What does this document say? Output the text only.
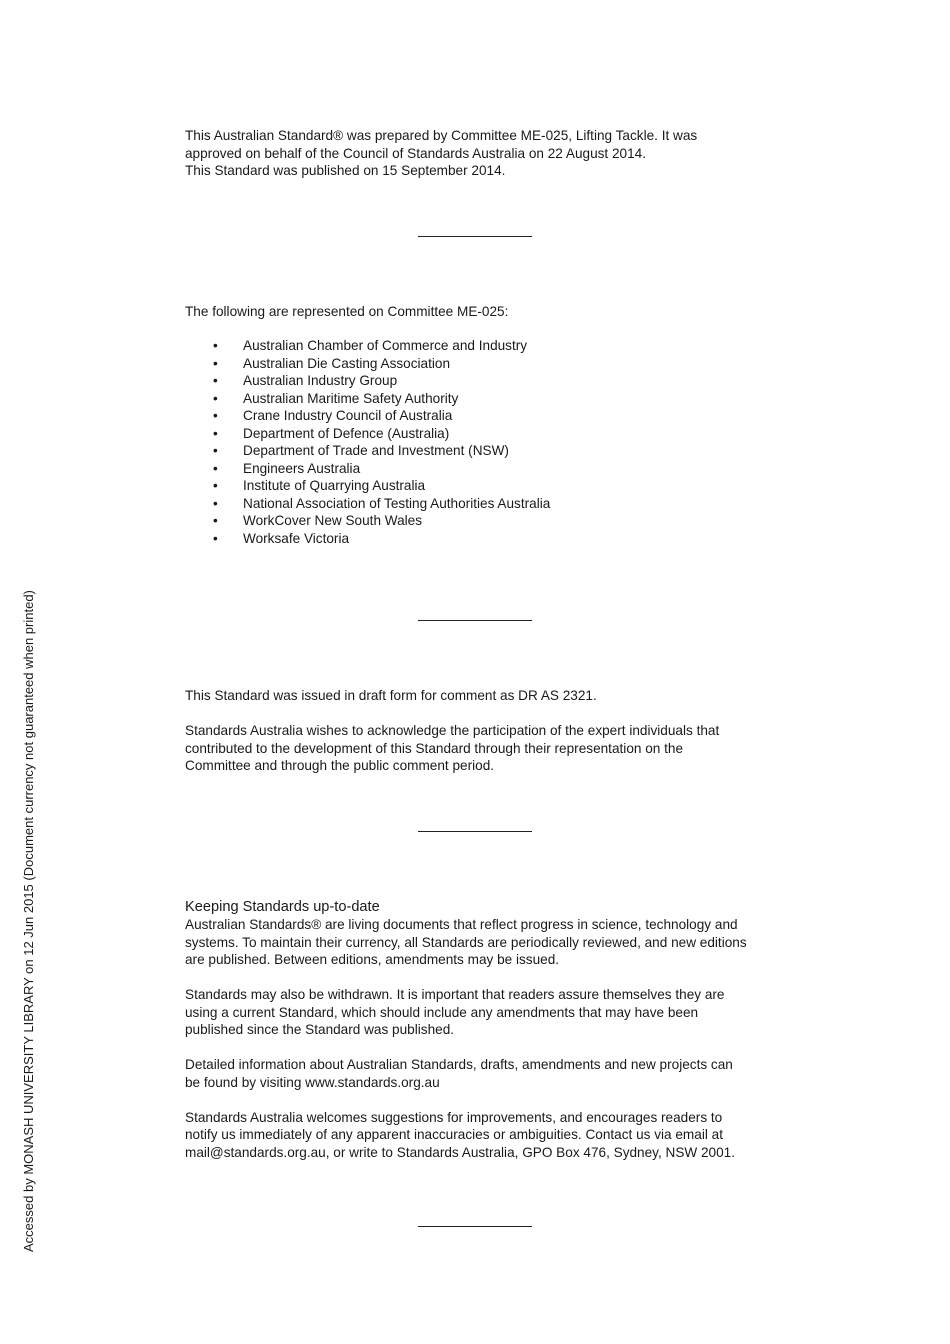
This Australian Standard® was prepared by Committee ME-025, Lifting Tackle. It was
approved on behalf of the Council of Standards Australia on 22 August 2014.
This Standard was published on 15 September 2014.

The following are represented on Committee ME-025:

• Australian Chamber of Commerce and Industry
• Australian Die Casting Association
• Australian Industry Group
• Australian Maritime Safety Authority
• Crane Industry Council of Australia
• Department of Defence (Australia)
• Department of Trade and Investment (NSW)
• Engineers Australia
• Institute of Quarrying Australia
• National Association of Testing Authorities Australia
• WorkCover New South Wales
• Worksafe Victoria

This Standard was issued in draft form for comment as DR AS 2321.

Standards Australia wishes to acknowledge the participation of the expert individuals that
contributed to the development of this Standard through their representation on the
Committee and through the public comment period.

Keeping Standards up-to-date

Australian Standards® are living documents that reflect progress in science, technology and
systems. To maintain their currency, all Standards are periodically reviewed, and new editions
are published. Between editions, amendments may be issued.

Standards may also be withdrawn. It is important that readers assure themselves they are
using a current Standard, which should include any amendments that may have been
published since the Standard was published.

Detailed information about Australian Standards, drafts, amendments and new projects can
be found by visiting www.standards.org.au

Standards Australia welcomes suggestions for improvements, and encourages readers to
notify us immediately of any apparent inaccuracies or ambiguities. Contact us via email at
mail@standards.org.au, or write to Standards Australia, GPO Box 476, Sydney, NSW 2001.

Accessed by MONASH UNIVERSITY LIBRARY on 12 Jun 2015 (Document currency not guaranteed when printed)
